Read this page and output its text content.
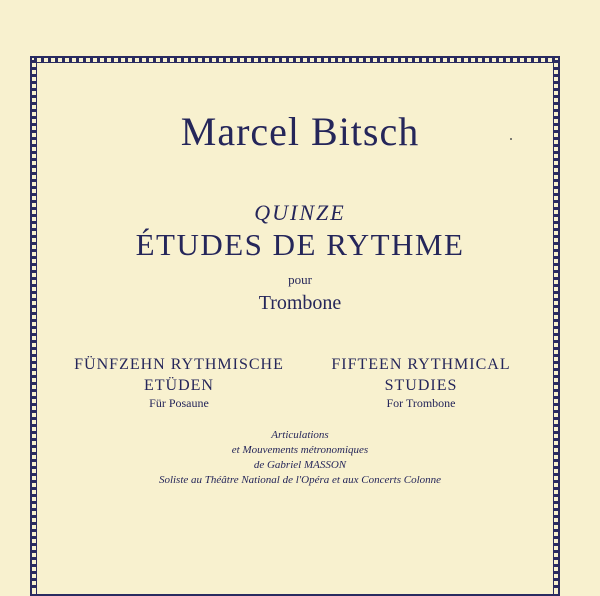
Marcel Bitsch
QUINZE
ÉTUDES DE RYTHME
pour
Trombone
FÜNFZEHN RYTHMISCHE
ETÜDEN
Für Posaune
FIFTEEN RYTHMICAL
STUDIES
For Trombone
Articulations
et Mouvements métronomiques
de Gabriel MASSON
Soliste au Théâtre National de l'Opéra et aux Concerts Colonne
